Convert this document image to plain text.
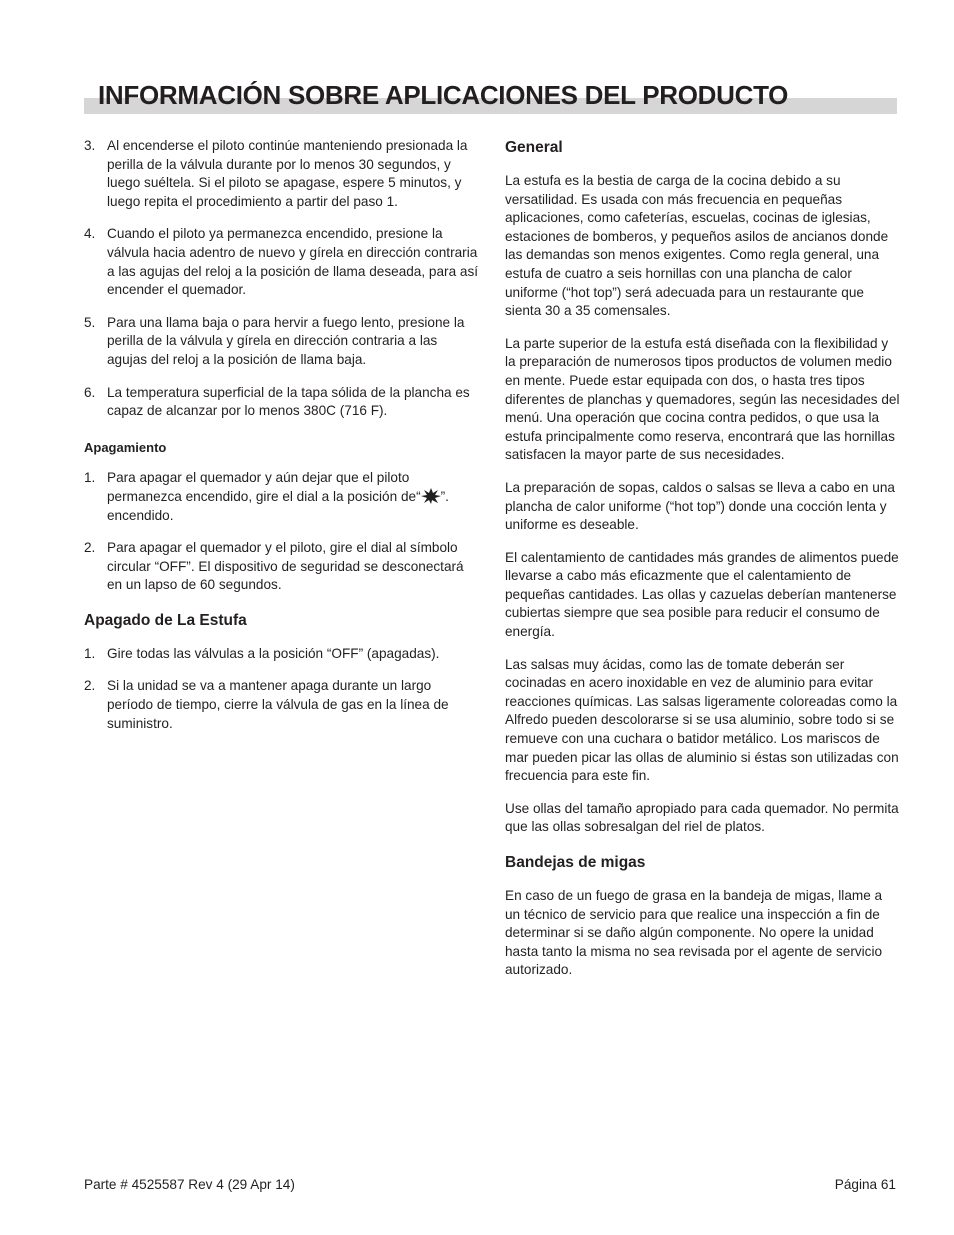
INFORMACIÓN SOBRE APLICACIONES DEL PRODUCTO
3. Al encenderse el piloto continúe manteniendo presionada la perilla de la válvula durante por lo menos 30 segundos, y luego suéltela. Si el piloto se apagase, espere 5 minutos, y luego repita el procedimiento a partir del paso 1.
4. Cuando el piloto ya permanezca encendido, presione la válvula hacia adentro de nuevo y gírela en dirección contraria a las agujas del reloj a la posición de llama deseada, para así encender el quemador.
5. Para una llama baja o para hervir a fuego lento, presione la perilla de la válvula y gírela en dirección contraria a las agujas del reloj a la posición de llama baja.
6. La temperatura superficial de la tapa sólida de la plancha es capaz de alcanzar por lo menos 380C (716 F).
Apagamiento
1. Para apagar el quemador y aún dejar que el piloto permanezca encendido, gire el dial a la posición de“ ”. encendido.
2. Para apagar el quemador y el piloto, gire el dial al símbolo circular “OFF”. El dispositivo de seguridad se desconectará en un lapso de 60 segundos.
Apagado de La Estufa
1. Gire todas las válvulas a la posición “OFF” (apagadas).
2. Si la unidad se va a mantener apaga durante un largo período de tiempo, cierre la válvula de gas en la línea de suministro.
General

La estufa es la bestia de carga de la cocina debido a su versatilidad. Es usada con más frecuencia en pequeñas aplicaciones, como cafeterías, escuelas, cocinas de iglesias, estaciones de bomberos, y pequeños asilos de ancianos donde las demandas son menos exigentes. Como regla general, una estufa de cuatro a seis hornillas con una plancha de calor uniforme (“hot top”) será adecuada para un restaurante que sienta 30 a 35 comensales.

La parte superior de la estufa está diseñada con la flexibilidad y la preparación de numerosos tipos productos de volumen medio en mente. Puede estar equipada con dos, o hasta tres tipos diferentes de planchas y quemadores, según las necesidades del menú. Una operación que cocina contra pedidos, o que usa la estufa principalmente como reserva, encontrará que las hornillas satisfacen la mayor parte de sus necesidades.

La preparación de sopas, caldos o salsas se lleva a cabo en una plancha de calor uniforme (“hot top”) donde una cocción lenta y uniforme es deseable.

El calentamiento de cantidades más grandes de alimentos puede llevarse a cabo más eficazmente que el calentamiento de pequeñas cantidades. Las ollas y cazuelas deberían mantenerse cubiertas siempre que sea posible para reducir el consumo de energía.

Las salsas muy ácidas, como las de tomate deberán ser cocinadas en acero inoxidable en vez de aluminio para evitar reacciones químicas. Las salsas ligeramente coloreadas como la Alfredo pueden descolorarse si se usa aluminio, sobre todo si se remueve con una cuchara o batidor metálico. Los mariscos de mar pueden picar las ollas de aluminio si éstas son utilizadas con frecuencia para este fin.

Use ollas del tamaño apropiado para cada quemador. No permita que las ollas sobresalgan del riel de platos.

Bandejas de migas

En caso de un fuego de grasa en la bandeja de migas, llame a un técnico de servicio para que realice una inspección a fin de determinar si se daño algún componente. No opere la unidad hasta tanto la misma no sea revisada por el agente de servicio autorizado.

Parte # 4525587 Rev 4 (29 Apr 14)	Página 61
